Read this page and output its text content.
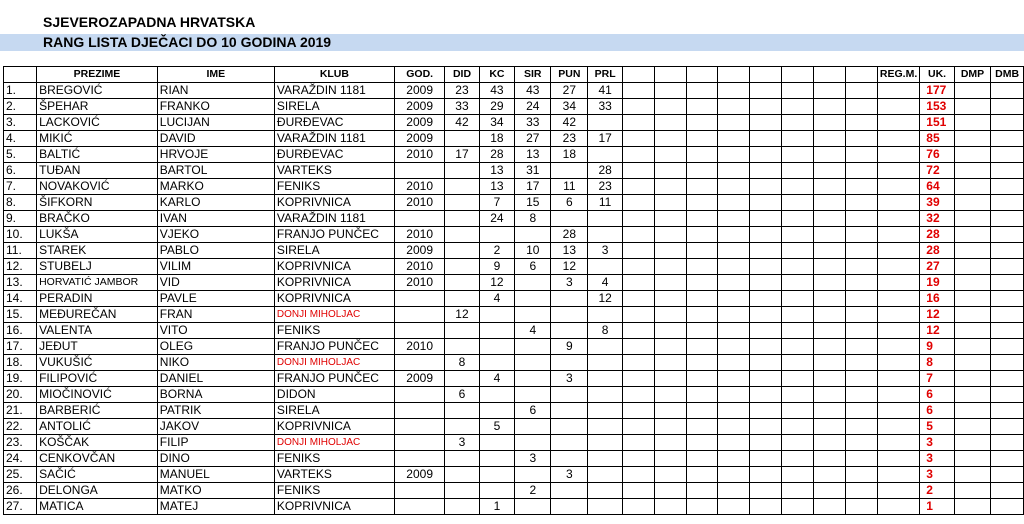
SJEVEROZAPADNA HRVATSKA
RANG LISTA DJEČACI DO 10 GODINA 2019
	PREZIME	IME	KLUB	GOD.	DID	KC	SIR	PUN	PRL									REG.M.	UK.	DMP	DMB
1.	BREGOVIĆ	RIAN	VARAŽDIN 1181	2009	23	43	43	27	41										177		
2.	ŠPEHAR	FRANKO	SIRELA	2009	33	29	24	34	33										153		
3.	LACKOVIĆ	LUCIJAN	ĐURĐEVAC	2009	42	34	33	42											151		
4.	MIKIĆ	DAVID	VARAŽDIN 1181	2009		18	27	23	17										85		
5.	BALTIĆ	HRVOJE	ĐURĐEVAC	2010	17	28	13	18											76		
6.	TUĐAN	BARTOL	VARTEKS			13	31		28										72		
7.	NOVAKOVIĆ	MARKO	FENIKS	2010		13	17	11	23										64		
8.	ŠIFKORN	KARLO	KOPRIVNICA	2010		7	15	6	11										39		
9.	BRAČKO	IVAN	VARAŽDIN 1181			24	8												32		
10.	LUKŠA	VJEKO	FRANJO PUNČEC	2010				28											28		
11.	STAREK	PABLO	SIRELA	2009		2	10	13	3										28		
12.	STUBELJ	VILIM	KOPRIVNICA	2010		9	6	12											27		
13.	HORVATIĆ JAMBOR	VID	KOPRIVNICA	2010		12		3	4										19		
14.	PERADIN	PAVLE	KOPRIVNICA			4			12										16		
15.	MEĐUREČAN	FRAN	DONJI MIHOLJAC		12														12		
16.	VALENTA	VITO	FENIKS				4		8										12		
17.	JEĐUT	OLEG	FRANJO PUNČEC	2010				9											9		
18.	VUKUŠIĆ	NIKO	DONJI MIHOLJAC		8														8		
19.	FILIPOVIĆ	DANIEL	FRANJO PUNČEC	2009		4		3											7		
20.	MIOČINOVIĆ	BORNA	DIDON		6														6		
21.	BARBERIĆ	PATRIK	SIRELA				6												6		
22.	ANTOLIĆ	JAKOV	KOPRIVNICA			5													5		
23.	KOŠČAK	FILIP	DONJI MIHOLJAC		3														3		
24.	CENKOVČAN	DINO	FENIKS				3												3		
25.	SAČIĆ	MANUEL	VARTEKS	2009				3											3		
26.	DELONGA	MATKO	FENIKS				2												2		
27.	MATICA	MATEJ	KOPRIVNICA			1													1		
